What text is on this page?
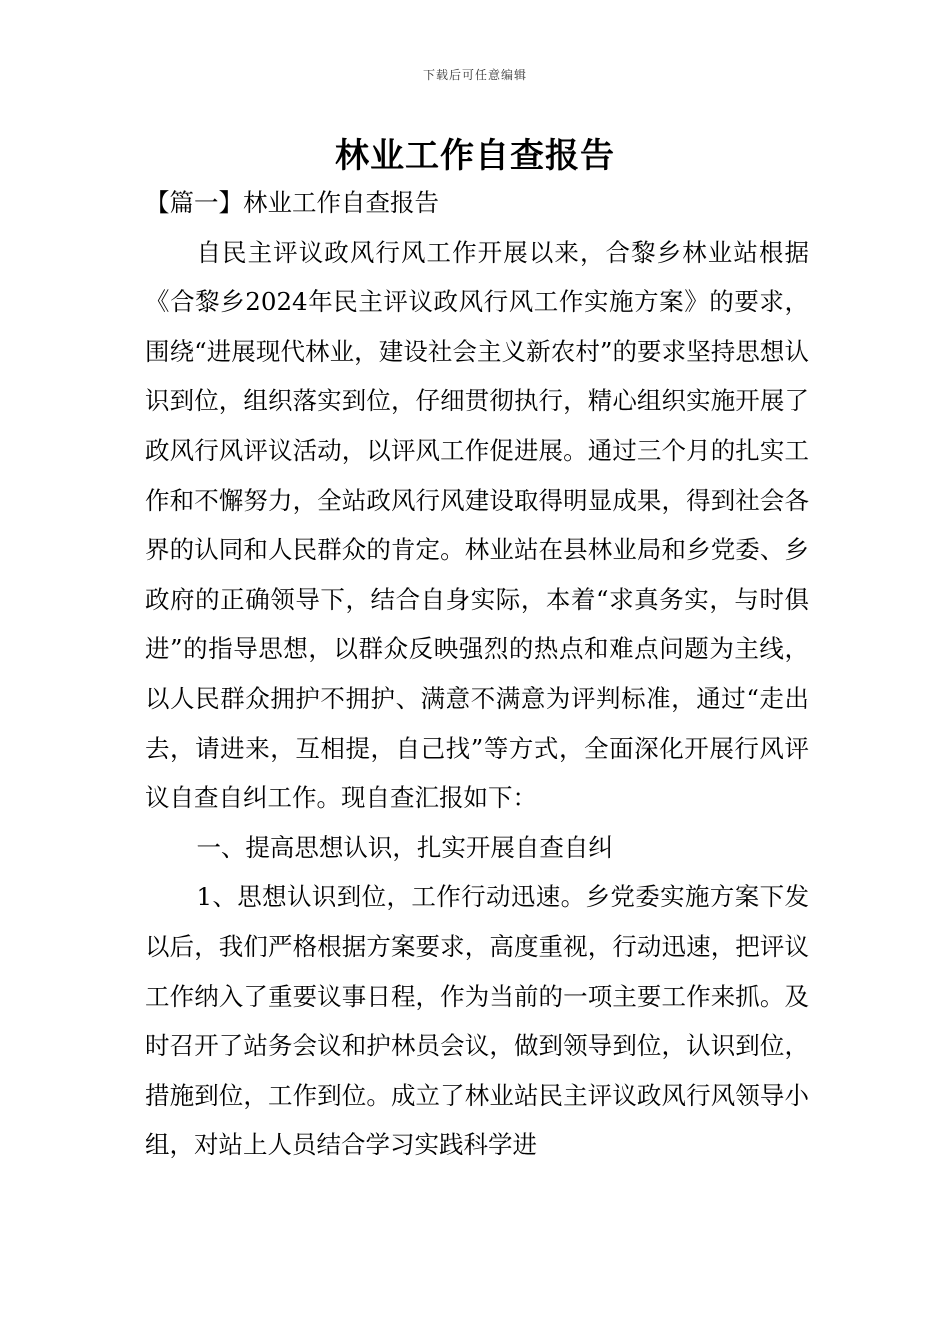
下载后可任意编辑
林业工作自查报告

【篇一】林业工作自查报告

自民主评议政风行风工作开展以来，合黎乡林业站根据《合黎乡2024年民主评议政风行风工作实施方案》的要求，围绕“进展现代林业，建设社会主义新农村”的要求坚持思想认识到位，组织落实到位，仔细贯彻执行，精心组织实施开展了政风行风评议活动，以评风工作促进展。通过三个月的扎实工作和不懈努力，全站政风行风建设取得明显成果，得到社会各界的认同和人民群众的肯定。林业站在县林业局和乡党委、乡政府的正确领导下，结合自身实际，本着“求真务实，与时俱进”的指导思想，以群众反映强烈的热点和难点问题为主线，以人民群众拥护不拥护、满意不满意为评判标准，通过“走出去，请进来，互相提，自己找”等方式，全面深化开展行风评议自查自纠工作。现自查汇报如下：

一、提高思想认识，扎实开展自查自纠

1、思想认识到位，工作行动迅速。乡党委实施方案下发以后，我们严格根据方案要求，高度重视，行动迅速，把评议工作纳入了重要议事日程，作为当前的一项主要工作来抓。及时召开了站务会议和护林员会议，做到领导到位，认识到位，措施到位，工作到位。成立了林业站民主评议政风行风领导小组，对站上人员结合学习实践科学进
